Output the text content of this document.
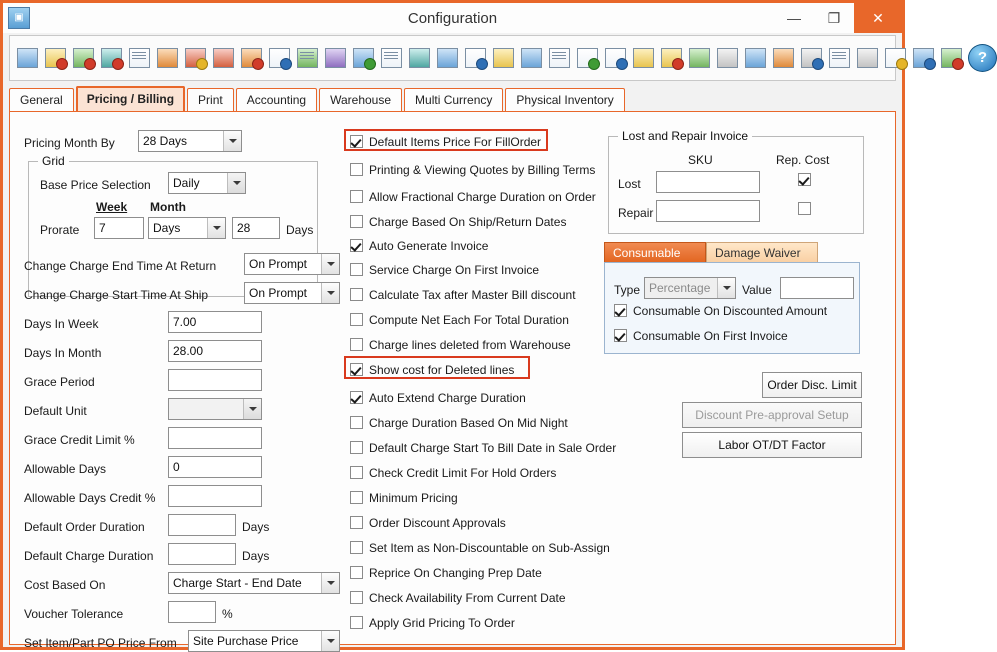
▣	Configuration	—	❐	✕
?
General	Pricing / Billing	Print	Accounting	Warehouse	Multi Currency	Physical Inventory
Pricing Month By	28 Days
Grid
Base Price Selection	Daily
Week Month
Prorate	7	Days	28	Days
Change Charge End Time At Return	On Prompt
Change Charge Start Time At Ship	On Prompt
Days In Week	7.00
Days In Month	28.00
Grace Period
Default Unit
Grace Credit Limit %
Allowable Days	0
Allowable Days Credit %
Default Order Duration	Days
Default Charge Duration	Days
Cost Based On	Charge Start - End Date
Voucher Tolerance	%
Set Item/Part PO Price From	Site Purchase Price
Default Items Price For FillOrder
Printing & Viewing Quotes by Billing Terms
Allow Fractional Charge Duration on Order
Charge Based On Ship/Return Dates
Auto Generate Invoice
Service Charge On First Invoice
Calculate Tax after Master Bill discount
Compute Net Each For Total Duration
Charge lines deleted from Warehouse
Show cost for Deleted lines
Auto Extend Charge Duration
Charge Duration Based On Mid Night
Default Charge Start To Bill Date in Sale Order
Check Credit Limit For Hold Orders
Minimum Pricing
Order Discount Approvals
Set Item as Non-Discountable on Sub-Assign
Reprice On Changing Prep Date
Check Availability From Current Date
Apply Grid Pricing To Order
Lost and Repair Invoice
SKU	Rep. Cost
Lost
Repair
Consumable	Damage Waiver
Type Percentage	Value
Consumable On Discounted Amount
Consumable On First Invoice
Order Disc. Limit
Discount Pre-approval Setup
Labor OT/DT Factor
